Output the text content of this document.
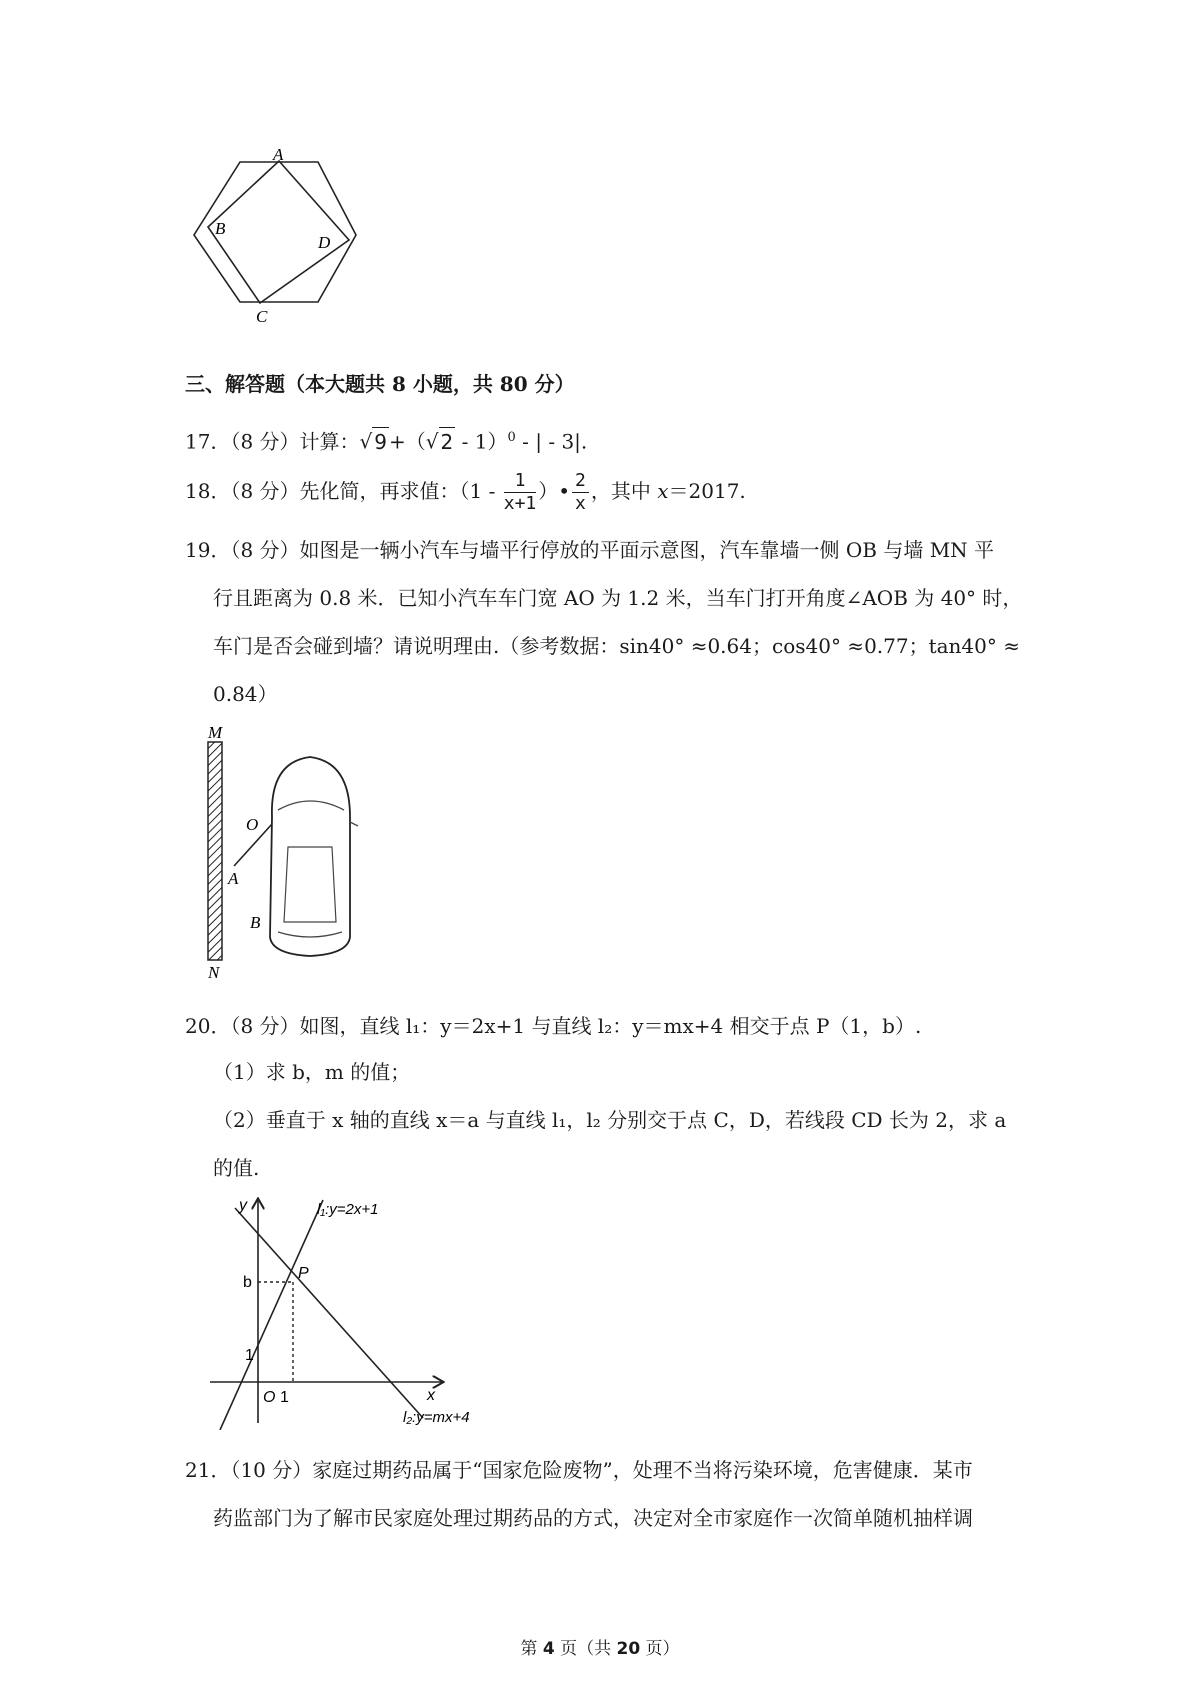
A
B
D
C
三、解答题（本大题共 8 小题，共 80 分）
17．（8 分）计算：√ 9 +（√ 2 - 1）$^0$ - | - 3|.
18．（8 分）先化简，再求值：（$1 - \frac{1}{x+1}$ ）• $\frac{2}{x}$ ，其中 x＝2017.
19．（8 分）如图是一辆小汽车与墙平行停放的平面示意图，汽车靠墙一侧 OB 与墙 MN 平
行且距离为 0.8 米．已知小汽车车门宽 AO 为 1.2 米，当车门打开角度∠AOB 为 40° 时，
车门是否会碰到墙？请说明理由.（参考数据：sin40° ≈0.64；cos40° ≈0.77；tan40° ≈
0.84）
M
N
O
A
B
20．（8 分）如图，直线 l₁：y＝2x+1 与直线 l₂：y＝mx+4 相交于点 P（1，b）.
（1）求 b，m 的值；
（2）垂直于 x 轴的直线 x＝a 与直线 l₁，l₂ 分别交于点 C，D，若线段 CD 长为 2，求 a
的值.
y
x
O 1
1
b
P
l₁:y=2x+1
l₂:y=mx+4
21．（10 分）家庭过期药品属于“国家危险废物”，处理不当将污染环境，危害健康．某市
药监部门为了解市民家庭处理过期药品的方式，决定对全市家庭作一次简单随机抽样调
第 4 页（共 20 页）
